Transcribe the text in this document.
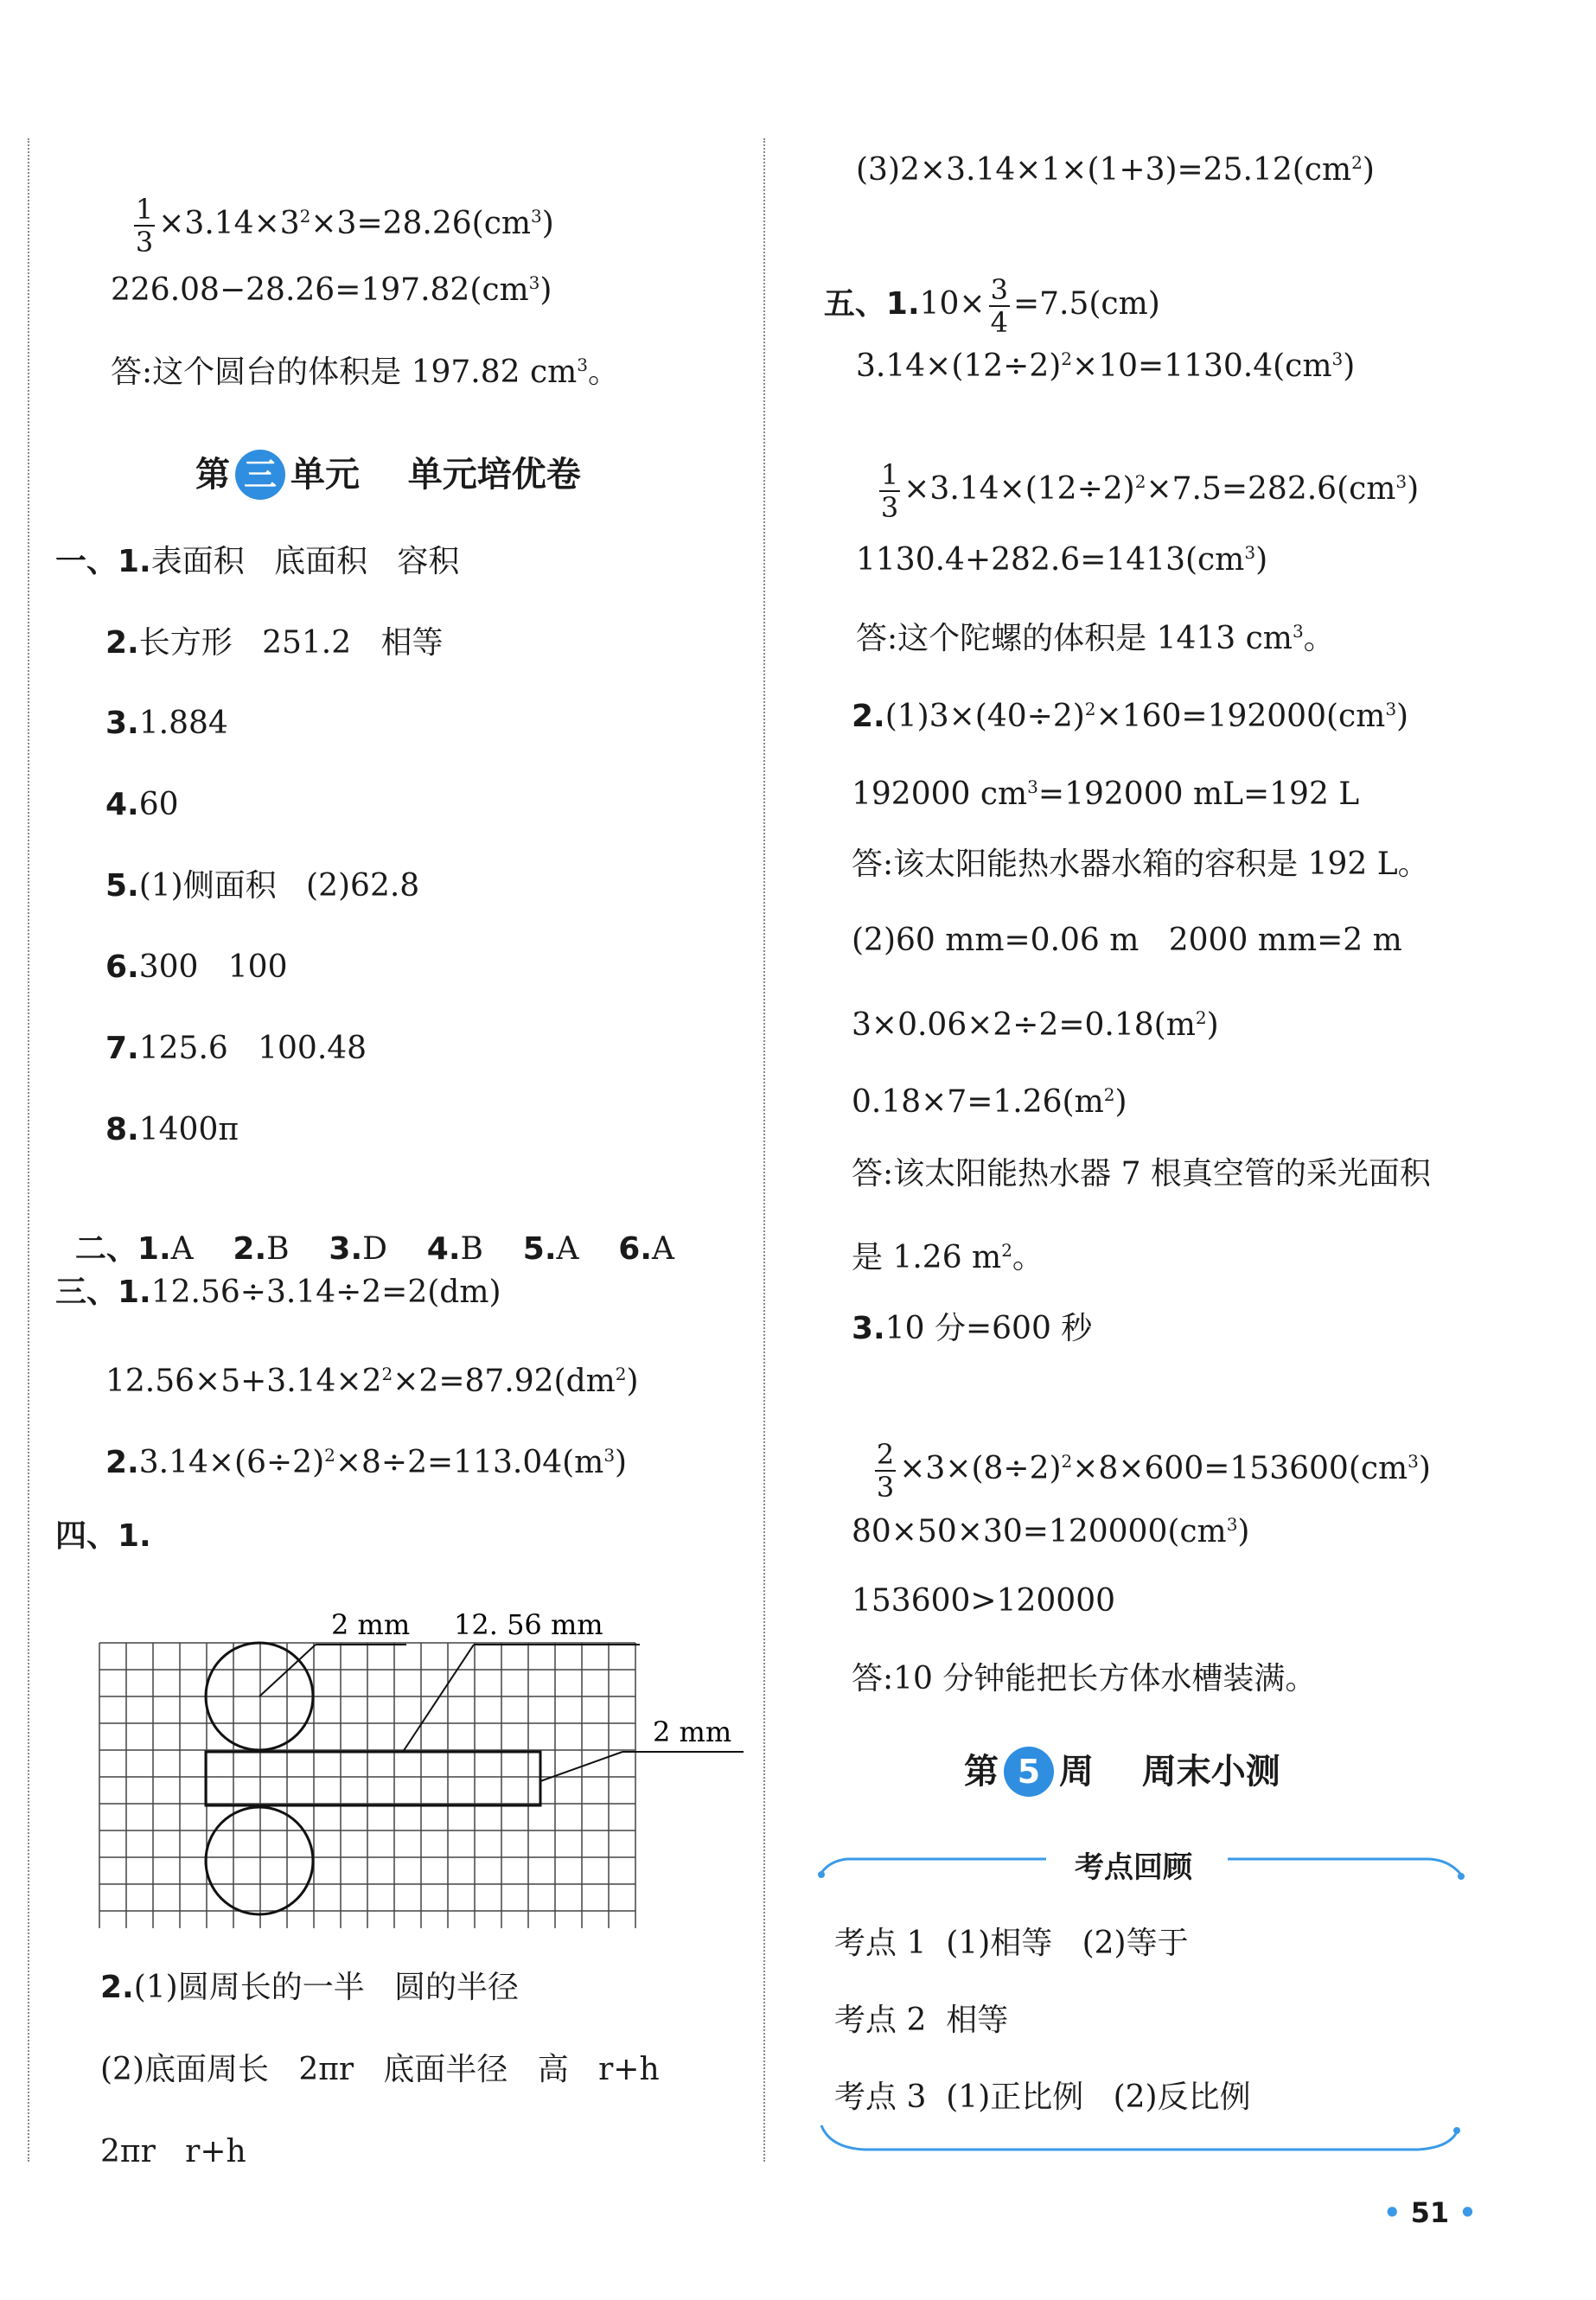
$\frac{1}{3} \times 3.14\times 3^2\times 3=28.26(cm^3)$

$226.08-28.26=197.82(cm^3)$
答:这个圆台的体积是 197.82 $cm^3$。
第 三 单元    单元培优卷
一、1.表面积   底面积   容积
2.长方形   251.2   相等
3.1.884
4.60
5.(1)侧面积   (2)62.8
6.300   100
7.125.6   100.48
8.1400π

二、1.A 2.B 3.D 4.B 5.A 6.A

三、1.12.56÷3.14÷2=2(dm)
$12.56\times 5+3.14\times 2^2\times 2=87.92(dm^2)$
$2.3.14\times(6\div 2)^2\times 8\div 2=113.04(m^3)$
四、1.
2 mm 12. 56 mm
2 mm
2.(1)圆周长的一半   圆的半径
(2)底面周长   2πr   底面半径   高   r+h
2πr   r+h
$(3)2\times 3.14\times 1\times(1+3)=25.12(cm^2)$

五、$1.10\times \frac{3}{4} =7.5(cm)$

$3.14\times(12\div 2)^2\times 10=1130.4(cm^3)$

$\frac{1}{3} \times 3.14\times(12\div 2)^2\times 7.5=282.6(cm^3)$

$1130.4+282.6=1413(cm^3)$
答:这个陀螺的体积是 1413 $cm^3$。
$2.(1)3\times(40\div 2)^2\times 160=192000(cm^3)$
192000 $cm^3=192000$ mL=192 L
答:该太阳能热水器水箱的容积是 192 L。
(2)60 mm=0.06 m   2000 mm=2 m
$3\times 0.06\times 2\div 2=0.18(m^2)$
$0.18\times 7=1.26(m^2)$
答:该太阳能热水器 7 根真空管的采光面积
是 1.26 $m^2$。
3.10 分=600 秒

$\frac{2}{3} \times 3\times(8\div 2)^2\times 8\times 600=153600(cm^3)$

$80\times 50\times 30=120000(cm^3)$
153600>120000
答:10 分钟能把长方体水槽装满。
第 5 周    周末小测
考点回顾
考点 1 (1)相等   (2)等于
考点 2 相等
考点 3 (1)正比例   (2)反比例
• 51 •
